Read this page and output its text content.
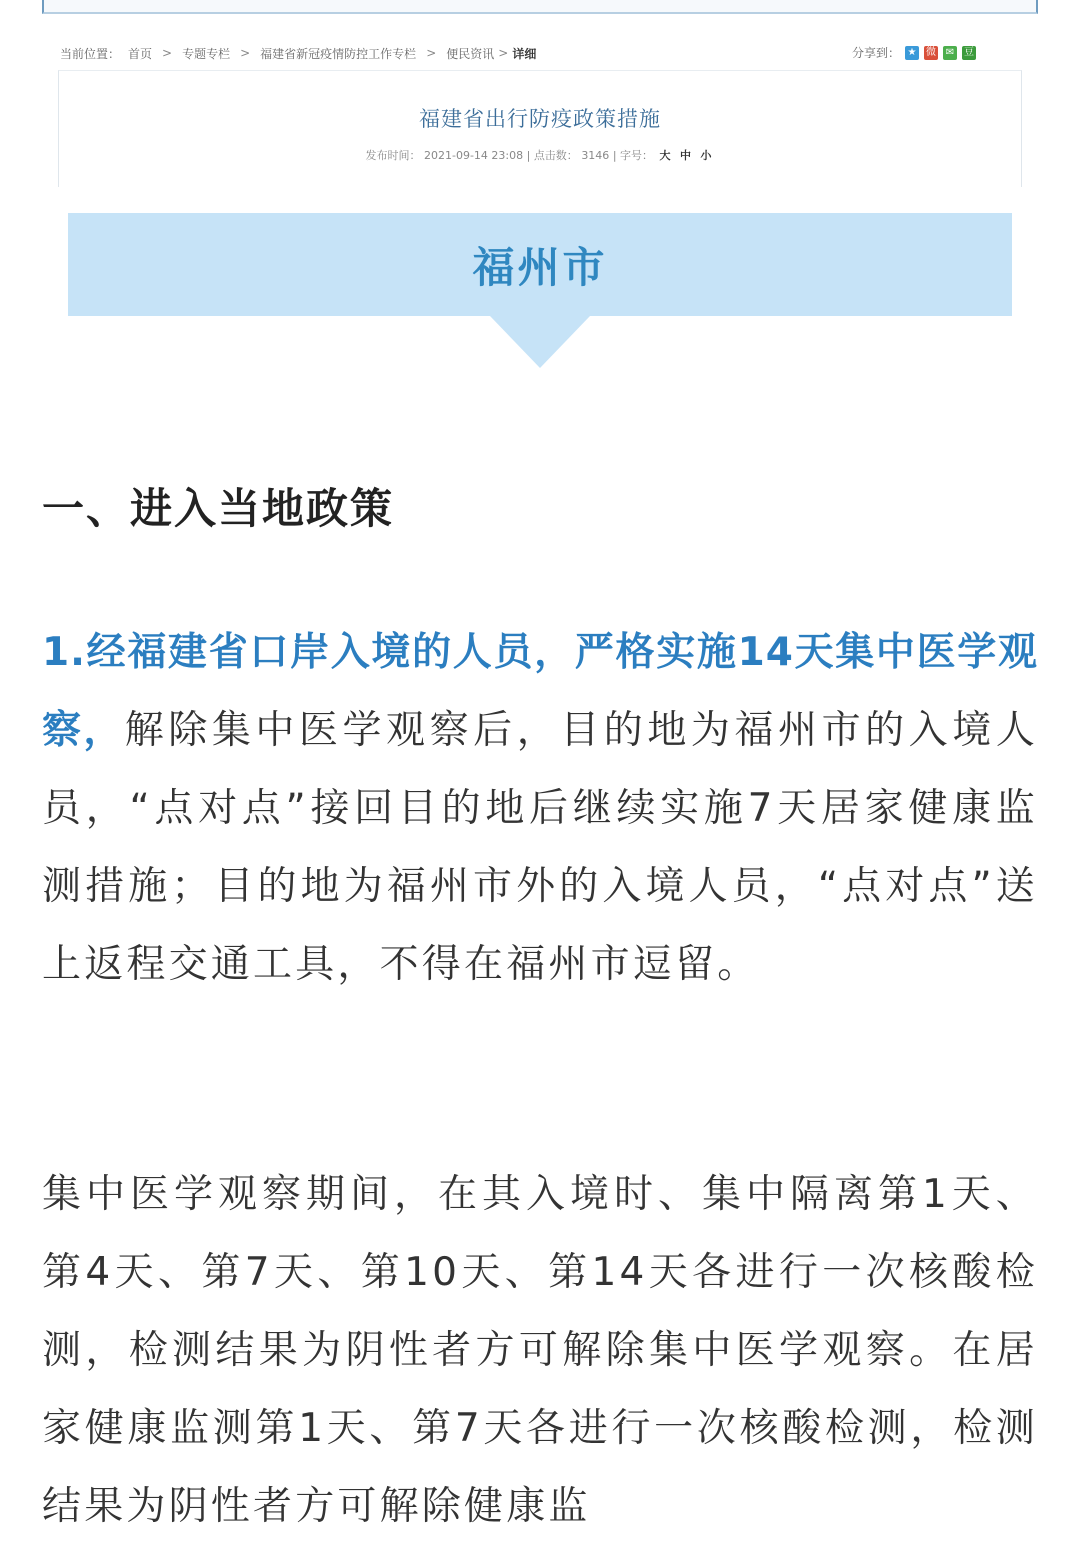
当前位置： 首页 > 专题专栏 > 福建省新冠疫情防控工作专栏 > 便民资讯 > 详细	分享到： ★ 微 ✉ 豆
福建省出行防疫政策措施
发布时间： 2021-09-14 23:08 | 点击数： 3146 | 字号： 大 中 小
福州市
一、进入当地政策
1.经福建省口岸入境的人员，严格实施14天集中医学观察，解除集中医学观察后，目的地为福州市的入境人员，“点对点”接回目的地后继续实施7天居家健康监测措施；目的地为福州市外的入境人员，“点对点”送上返程交通工具，不得在福州市逗留。
集中医学观察期间，在其入境时、集中隔离第1天、第4天、第7天、第10天、第14天各进行一次核酸检测，检测结果为阴性者方可解除集中医学观察。在居家健康监测第1天、第7天各进行一次核酸检测，检测结果为阴性者方可解除健康监
